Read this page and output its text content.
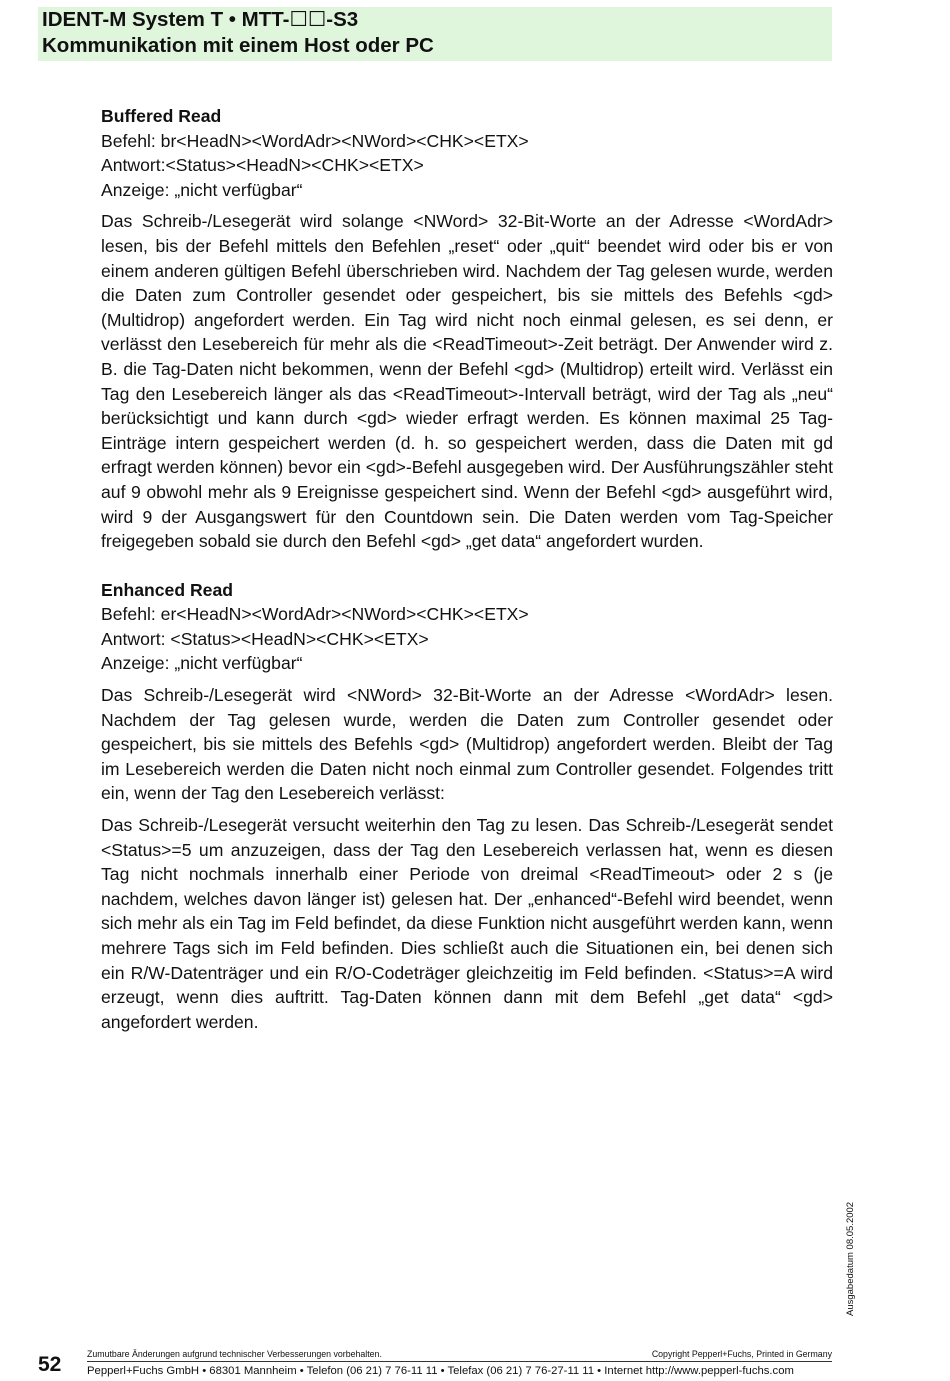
IDENT-M System T • MTT-☐☐-S3
Kommunikation mit einem Host oder PC

Buffered Read

Befehl: br<HeadN><WordAdr><NWord><CHK><ETX>

Antwort:<Status><HeadN><CHK><ETX>

Anzeige: „nicht verfügbar“

Das Schreib-/Lesegerät wird solange <NWord> 32-Bit-Worte an der Adresse <WordAdr> lesen, bis der Befehl mittels den Befehlen „reset“ oder „quit“ beendet wird oder bis er von einem anderen gültigen Befehl überschrieben wird. Nachdem der Tag gelesen wurde, werden die Daten zum Controller gesendet oder gespeichert, bis sie mittels des Befehls <gd> (Multidrop) angefordert werden. Ein Tag wird nicht noch einmal gelesen, es sei denn, er verlässt den Lesebereich für mehr als die <ReadTimeout>-Zeit beträgt. Der Anwender wird z. B. die Tag-Daten nicht bekommen, wenn der Befehl <gd> (Multidrop) erteilt wird. Verlässt ein Tag den Lesebereich länger als das <ReadTimeout>-Intervall beträgt, wird der Tag als „neu“ berücksichtigt und kann durch <gd> wieder erfragt werden. Es können maximal 25 Tag-Einträge intern gespeichert werden (d. h. so gespeichert werden, dass die Daten mit gd erfragt werden können) bevor ein <gd>-Befehl ausgegeben wird. Der Ausführungszähler steht auf 9 obwohl mehr als 9 Ereignisse gespeichert sind. Wenn der Befehl <gd> ausgeführt wird, wird 9 der Ausgangswert für den Countdown sein. Die Daten werden vom Tag-Speicher freigegeben sobald sie durch den Befehl <gd> „get data“ angefordert wurden.

Enhanced Read

Befehl: er<HeadN><WordAdr><NWord><CHK><ETX>

Antwort: <Status><HeadN><CHK><ETX>

Anzeige: „nicht verfügbar“

Das Schreib-/Lesegerät wird <NWord> 32-Bit-Worte an der Adresse <WordAdr> lesen. Nachdem der Tag gelesen wurde, werden die Daten zum Controller gesendet oder gespeichert, bis sie mittels des Befehls <gd> (Multidrop) angefordert werden. Bleibt der Tag im Lesebereich werden die Daten nicht noch einmal zum Controller gesendet. Folgendes tritt ein, wenn der Tag den Lesebereich verlässt:

Das Schreib-/Lesegerät versucht weiterhin den Tag zu lesen. Das Schreib-/Lesegerät sendet <Status>=5 um anzuzeigen, dass der Tag den Lesebereich verlassen hat, wenn es diesen Tag nicht nochmals innerhalb einer Periode von dreimal <ReadTimeout> oder 2 s (je nachdem, welches davon länger ist) gelesen hat. Der „enhanced“-Befehl wird beendet, wenn sich mehr als ein Tag im Feld befindet, da diese Funktion nicht ausgeführt werden kann, wenn mehrere Tags sich im Feld befinden. Dies schließt auch die Situationen ein, bei denen sich ein R/W-Datenträger und ein R/O-Codeträger gleichzeitig im Feld befinden. <Status>=A wird erzeugt, wenn dies auftritt. Tag-Daten können dann mit dem Befehl „get data“ <gd> angefordert werden.

Ausgabedatum 08.05.2002
52	Zumutbare Änderungen aufgrund technischer Verbesserungen vorbehalten.	Copyright Pepperl+Fuchs, Printed in Germany
Pepperl+Fuchs GmbH • 68301 Mannheim • Telefon (06 21) 7 76-11 11 • Telefax (06 21) 7 76-27-11 11 • Internet http://www.pepperl-fuchs.com
